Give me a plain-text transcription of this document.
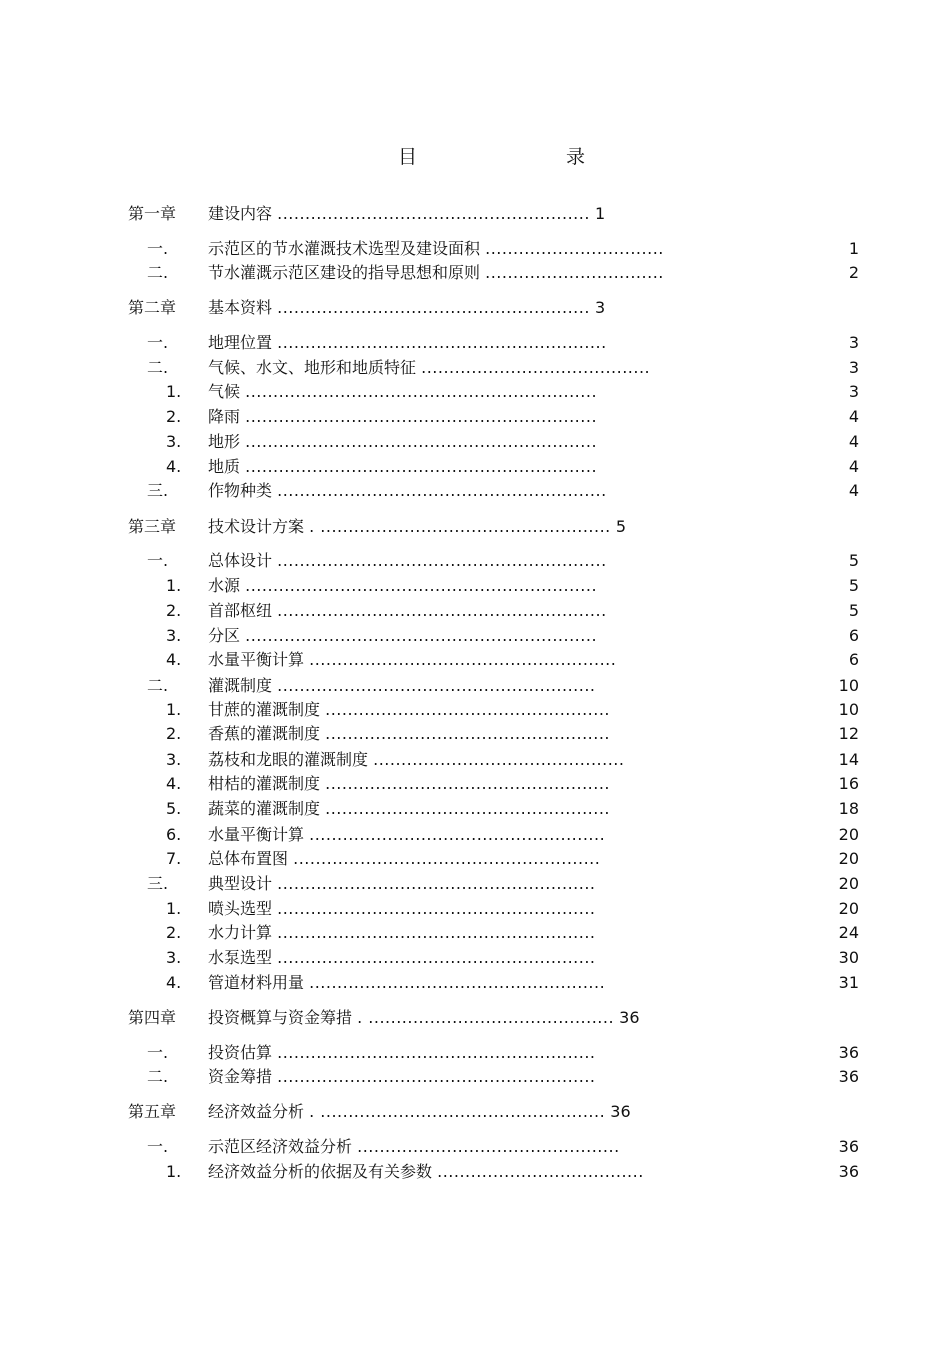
目	录
第一章 建设内容 ........................................................ 1
一. 示范区的节水灌溉技术选型及建设面积 ................................	1
二. 节水灌溉示范区建设的指导思想和原则 ................................	2
第二章 基本资料 ........................................................ 3
一. 地理位置 ...........................................................	3
二. 气候、水文、地形和地质特征 .........................................	3
1. 气候 ...............................................................	3
2. 降雨 ...............................................................	4
3. 地形 ...............................................................	4
4. 地质 ...............................................................	4
三. 作物种类 ...........................................................	4
第三章 技术设计方案 . .................................................... 5
一. 总体设计 ...........................................................	5
1. 水源 ...............................................................	5
2. 首部枢纽 ...........................................................	5
3. 分区 ...............................................................	6
4. 水量平衡计算 .......................................................	6
二. 灌溉制度 .........................................................	10
1. 甘蔗的灌溉制度 ...................................................	10
2. 香蕉的灌溉制度 ...................................................	12
3. 荔枝和龙眼的灌溉制度 .............................................	14
4. 柑桔的灌溉制度 ...................................................	16
5. 蔬菜的灌溉制度 ...................................................	18
6. 水量平衡计算 .....................................................	20
7. 总体布置图 .......................................................	20
三. 典型设计 .........................................................	20
1. 喷头选型 .........................................................	20
2. 水力计算 .........................................................	24
3. 水泵选型 .........................................................	30
4. 管道材料用量 .....................................................	31
第四章 投资概算与资金筹措 . ............................................ 36
一. 投资估算 .........................................................	36
二. 资金筹措 .........................................................	36
第五章 经济效益分析 . ................................................... 36
一. 示范区经济效益分析 ...............................................	36
1. 经济效益分析的依据及有关参数 .....................................	36
